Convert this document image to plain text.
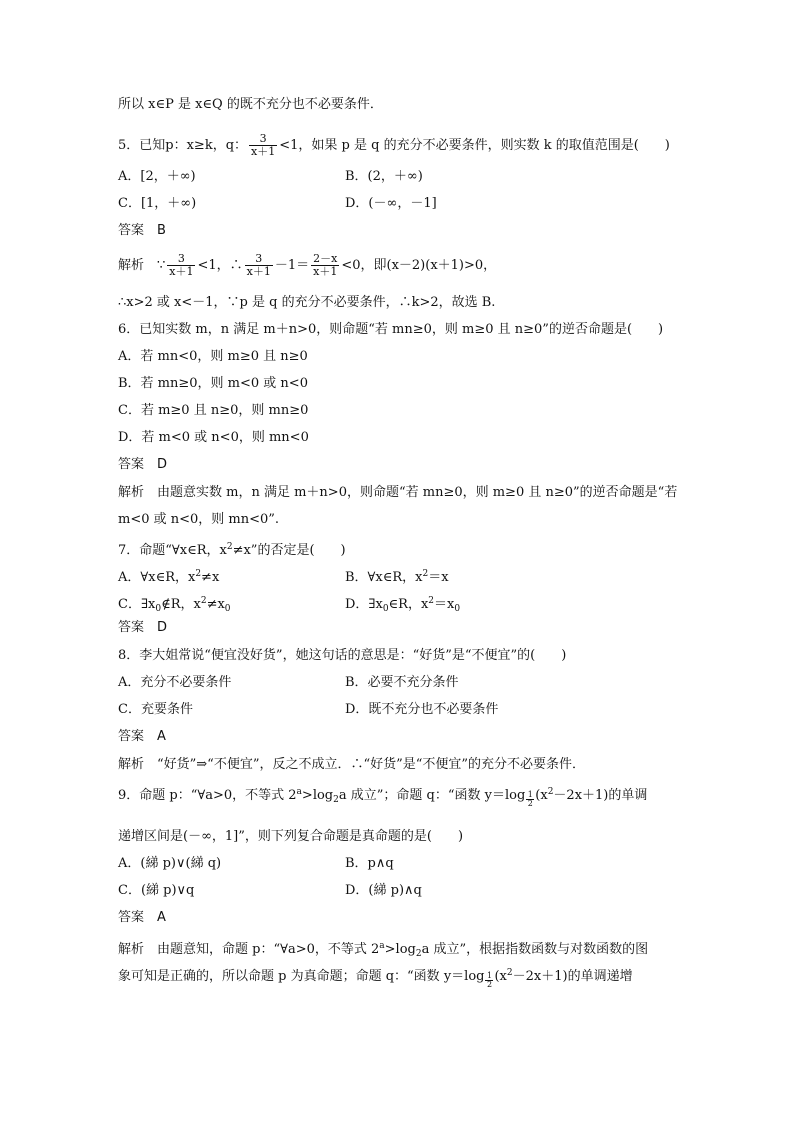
所以 x∈P 是 x∈Q 的既不充分也不必要条件．
5．已知p：x≥k，q： $\frac{3}{x+1} <1$，如果 p 是 q 的充分不必要条件，则实数 k 的取值范围是(　　)
A．[2，＋∞)	B．(2，＋∞)
C．[1，＋∞)	D．(－∞，－1]
答案　B
解析　∵ $\frac{3}{x+1} <1$，∴ $\frac{3}{x+1} -1= \frac{2-x}{x+1} <0$，即(x－2)(x＋1)>0，
∴x>2 或 x<－1，∵p 是 q 的充分不必要条件，∴k>2，故选 B.
6．已知实数 m，n 满足 m＋n>0，则命题“若 mn≥0，则 m≥0 且 n≥0”的逆否命题是(　　)
A．若 mn<0，则 m≥0 且 n≥0
B．若 mn≥0，则 m<0 或 n<0
C．若 m≥0 且 n≥0，则 mn≥0
D．若 m<0 或 n<0，则 mn<0
答案　D
解析　由题意实数 m，n 满足 m＋n>0，则命题“若 mn≥0，则 m≥0 且 n≥0”的逆否命题是“若
m<0 或 n<0，则 mn<0”.
7．命题“∀x∈R，$x^2\ne x$”的否定是(　　)
A．∀x∈R，$x^2\ne x$	B．∀x∈R，$x^2=x$
C．$\exists x_0\notin R$，$x^2\ne x_0$	D．$\exists x_0\in R$，$x^2=x_0$
答案　D
8．李大姐常说“便宜没好货”，她这句话的意思是：“好货”是“不便宜”的(　　)
A．充分不必要条件	B．必要不充分条件
C．充要条件	D．既不充分也不必要条件
答案　A
解析　“好货”⇒“不便宜”，反之不成立．∴“好货”是“不便宜”的充分不必要条件．
9．命题 p：“∀a>0，不等式 $2^a>\log_2a$ 成立”；命题 q：“函数 $y=\log \frac{1}{2} (x^2-2x+1)$的单调
递增区间是(－∞，1]”，则下列复合命题是真命题的是(　　)
A．(綈 p)∨(綈 q)	B．p∧q
C．(綈 p)∨q	D．(綈 p)∧q
答案　A
解析　由题意知，命题 p：“∀a>0，不等式 $2^a>\log_2a$ 成立”，根据指数函数与对数函数的图
象可知是正确的，所以命题 p 为真命题；命题 q：“函数 $y=\log \frac{1}{2} (x^2-2x+1)$的单调递增
